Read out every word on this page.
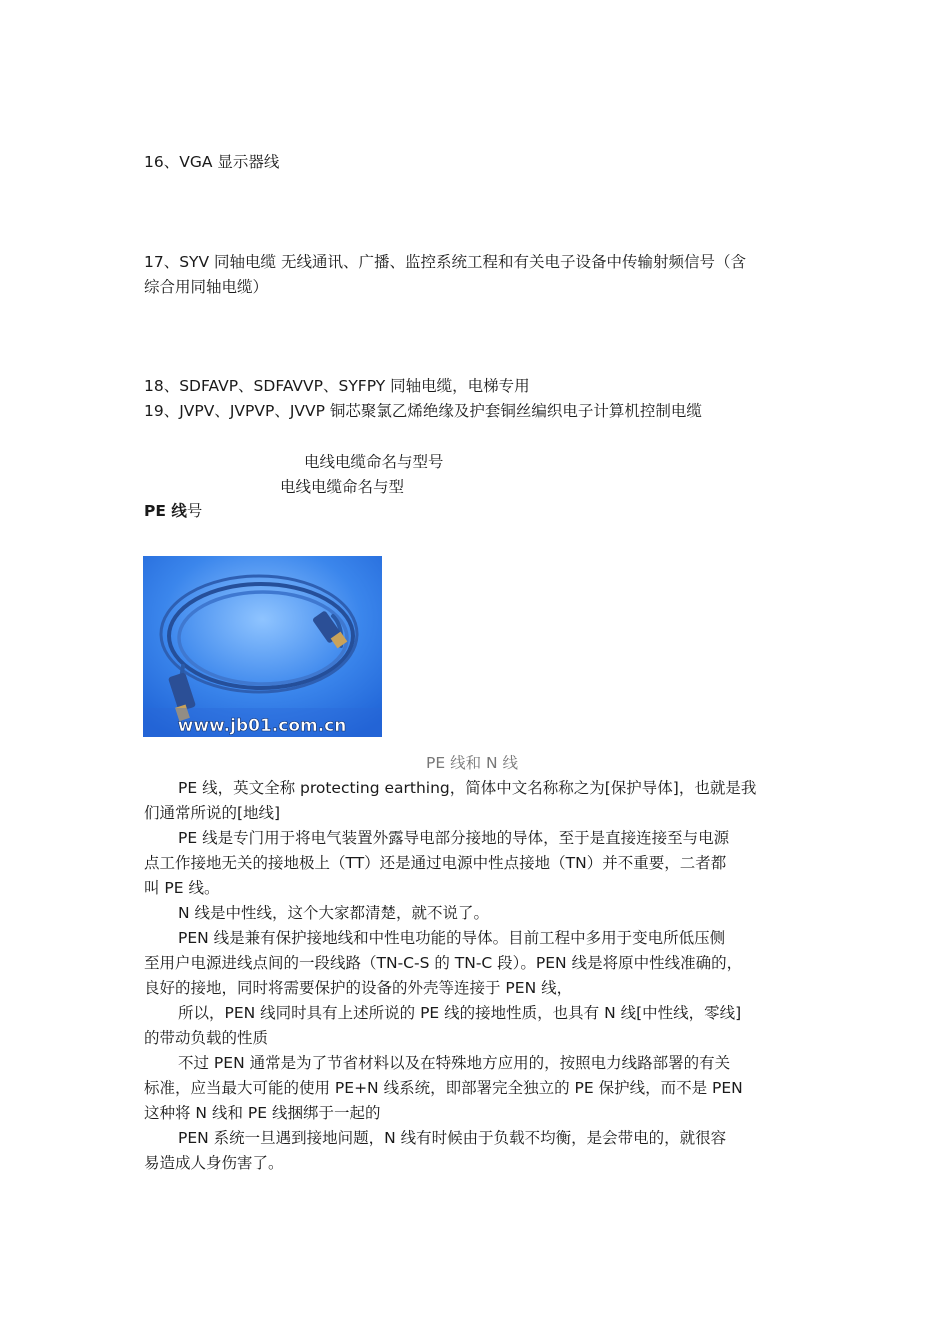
16、VGA 显示器线
17、SYV 同轴电缆 无线通讯、广播、监控系统工程和有关电子设备中传输射频信号（含
综合用同轴电缆）
18、SDFAVP、SDFAVVP、SYFPY 同轴电缆，电梯专用
19、JVPV、JVPVP、JVVP 铜芯聚氯乙烯绝缘及护套铜丝编织电子计算机控制电缆
电线电缆命名与型号
电线电缆命名与型
PE 线号
www.jb01.com.cn
PE 线和 N 线
PE 线，英文全称 protecting earthing，简体中文名称称之为[保护导体]，也就是我
们通常所说的[地线]
PE 线是专门用于将电气装置外露导电部分接地的导体，至于是直接连接至与电源
点工作接地无关的接地极上（TT）还是通过电源中性点接地（TN）并不重要，二者都
叫 PE 线。
N 线是中性线，这个大家都清楚，就不说了。
PEN 线是兼有保护接地线和中性电功能的导体。目前工程中多用于变电所低压侧
至用户电源进线点间的一段线路（TN-C-S 的 TN-C 段）。PEN 线是将原中性线准确的，
良好的接地，同时将需要保护的设备的外壳等连接于 PEN 线，
所以，PEN 线同时具有上述所说的 PE 线的接地性质，也具有 N 线[中性线，零线]
的带动负载的性质
不过 PEN 通常是为了节省材料以及在特殊地方应用的，按照电力线路部署的有关
标准，应当最大可能的使用 PE+N 线系统，即部署完全独立的 PE 保护线，而不是 PEN
这种将 N 线和 PE 线捆绑于一起的
PEN 系统一旦遇到接地问题，N 线有时候由于负载不均衡，是会带电的，就很容
易造成人身伤害了。
